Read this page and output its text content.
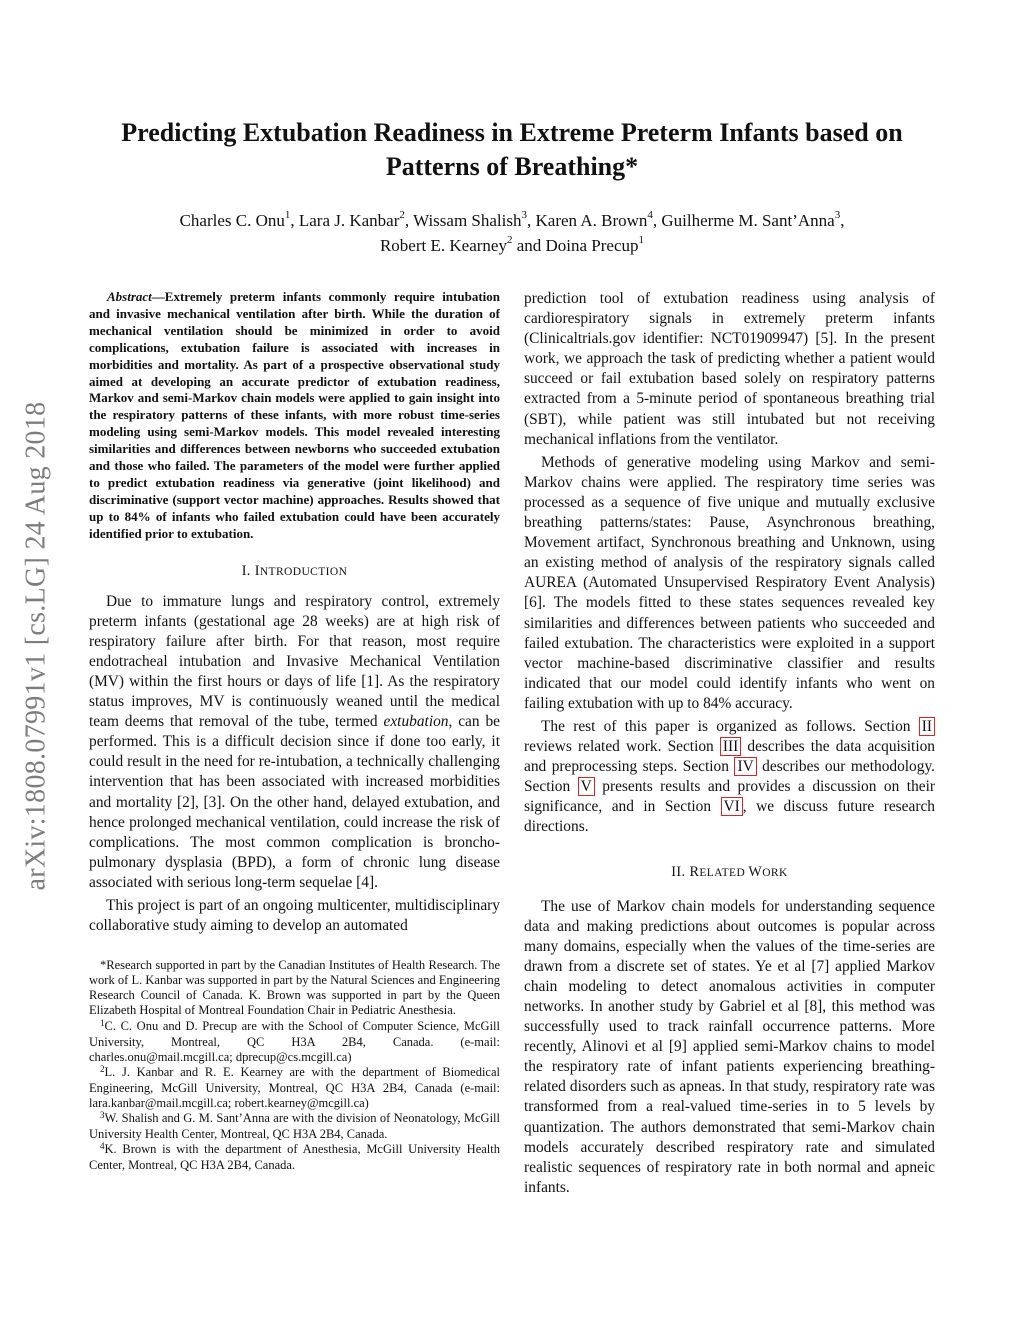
arXiv:1808.07991v1 [cs.LG] 24 Aug 2018
Predicting Extubation Readiness in Extreme Preterm Infants based on
Patterns of Breathing*
Charles C. Onu$^1$, Lara J. Kanbar$^2$, Wissam Shalish$^3$, Karen A. Brown$^4$, Guilherme M. Sant’Anna$^3$,
Robert E. Kearney$^2$ and Doina Precup$^1$

Abstract—Extremely preterm infants commonly require intubation and invasive mechanical ventilation after birth. While the duration of mechanical ventilation should be minimized in order to avoid complications, extubation failure is associated with increases in morbidities and mortality. As part of a prospective observational study aimed at developing an accurate predictor of extubation readiness, Markov and semi-Markov chain models were applied to gain insight into the respiratory patterns of these infants, with more robust time-series modeling using semi-Markov models. This model revealed interesting similarities and differences between newborns who succeeded extubation and those who failed. The parameters of the model were further applied to predict extubation readiness via generative (joint likelihood) and discriminative (support vector machine) approaches. Results showed that up to 84% of infants who failed extubation could have been accurately identified prior to extubation.

I. INTRODUCTION

Due to immature lungs and respiratory control, extremely preterm infants (gestational age 28 weeks) are at high risk of respiratory failure after birth. For that reason, most require endotracheal intubation and Invasive Mechanical Ventilation (MV) within the first hours or days of life [1]. As the respiratory status improves, MV is continuously weaned until the medical team deems that removal of the tube, termed extubation, can be performed. This is a difficult decision since if done too early, it could result in the need for re-intubation, a technically challenging intervention that has been associated with increased morbidities and mortality [2], [3]. On the other hand, delayed extubation, and hence prolonged mechanical ventilation, could increase the risk of complications. The most common complication is broncho-pulmonary dysplasia (BPD), a form of chronic lung disease associated with serious long-term sequelae [4].

This project is part of an ongoing multicenter, multidisciplinary collaborative study aiming to develop an automated

*Research supported in part by the Canadian Institutes of Health Research. The work of L. Kanbar was supported in part by the Natural Sciences and Engineering Research Council of Canada. K. Brown was supported in part by the Queen Elizabeth Hospital of Montreal Foundation Chair in Pediatric Anesthesia.

$^1$C. C. Onu and D. Precup are with the School of Computer Science, McGill University, Montreal, QC H3A 2B4, Canada. (e-mail: charles.onu@mail.mcgill.ca; dprecup@cs.mcgill.ca)

$^2$L. J. Kanbar and R. E. Kearney are with the department of Biomedical Engineering, McGill University, Montreal, QC H3A 2B4, Canada (e-mail: lara.kanbar@mail.mcgill.ca; robert.kearney@mcgill.ca)

$^3$W. Shalish and G. M. Sant’Anna are with the division of Neonatology, McGill University Health Center, Montreal, QC H3A 2B4, Canada.

$^4$K. Brown is with the department of Anesthesia, McGill University Health Center, Montreal, QC H3A 2B4, Canada.

prediction tool of extubation readiness using analysis of cardiorespiratory signals in extremely preterm infants (Clinicaltrials.gov identifier: NCT01909947) [5]. In the present work, we approach the task of predicting whether a patient would succeed or fail extubation based solely on respiratory patterns extracted from a 5-minute period of spontaneous breathing trial (SBT), while patient was still intubated but not receiving mechanical inflations from the ventilator.

Methods of generative modeling using Markov and semi-Markov chains were applied. The respiratory time series was processed as a sequence of five unique and mutually exclusive breathing patterns/states: Pause, Asynchronous breathing, Movement artifact, Synchronous breathing and Unknown, using an existing method of analysis of the respiratory signals called AUREA (Automated Unsupervised Respiratory Event Analysis) [6]. The models fitted to these states sequences revealed key similarities and differences between patients who succeeded and failed extubation. The characteristics were exploited in a support vector machine-based discriminative classifier and results indicated that our model could identify infants who went on failing extubation with up to 84% accuracy.

The rest of this paper is organized as follows. Section II reviews related work. Section III describes the data acquisition and preprocessing steps. Section IV describes our methodology. Section V presents results and provides a discussion on their significance, and in Section VI , we discuss future research directions.

II. RELATED WORK

The use of Markov chain models for understanding sequence data and making predictions about outcomes is popular across many domains, especially when the values of the time-series are drawn from a discrete set of states. Ye et al [7] applied Markov chain modeling to detect anomalous activities in computer networks. In another study by Gabriel et al [8], this method was successfully used to track rainfall occurrence patterns. More recently, Alinovi et al [9] applied semi-Markov chains to model the respiratory rate of infant patients experiencing breathing-related disorders such as apneas. In that study, respiratory rate was transformed from a real-valued time-series in to 5 levels by quantization. The authors demonstrated that semi-Markov chain models accurately described respiratory rate and simulated realistic sequences of respiratory rate in both normal and apneic infants.
